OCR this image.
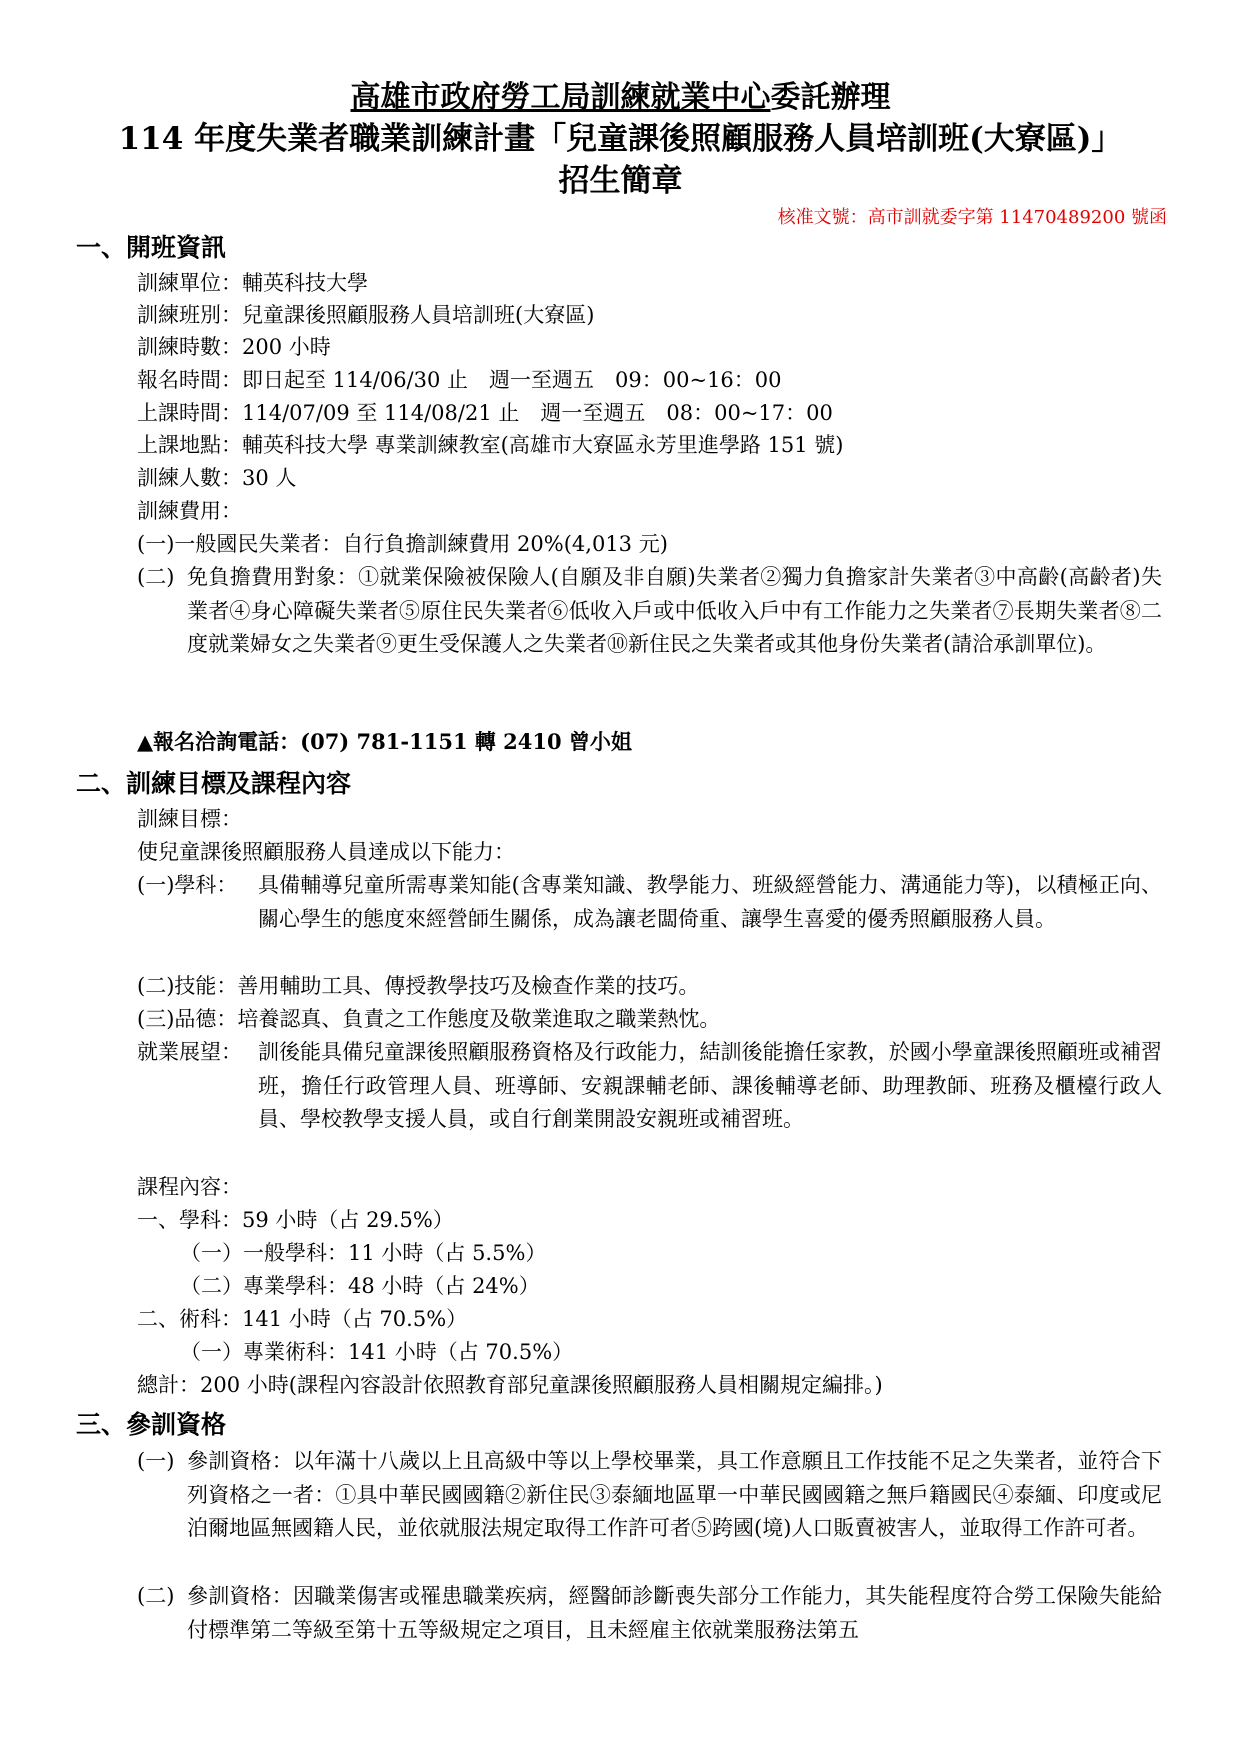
高雄市政府勞工局訓練就業中心委託辦理
114 年度失業者職業訓練計畫「兒童課後照顧服務人員培訓班(大寮區)」
招生簡章
核准文號：高市訓就委字第 11470489200 號函
一、開班資訊
訓練單位：輔英科技大學
訓練班別：兒童課後照顧服務人員培訓班(大寮區)
訓練時數：200 小時
報名時間：即日起至 114/06/30 止　週一至週五　09：00~16：00
上課時間：114/07/09 至 114/08/21 止　週一至週五　08：00~17：00
上課地點：輔英科技大學 專業訓練教室(高雄市大寮區永芳里進學路 151 號)
訓練人數：30 人
訓練費用：
(一)一般國民失業者：自行負擔訓練費用 20%(4,013 元)
(二) 免負擔費用對象：①就業保險被保險人(自願及非自願)失業者②獨力負擔家計失業者③中高齡(高齡者)失業者④身心障礙失業者⑤原住民失業者⑥低收入戶或中低收入戶中有工作能力之失業者⑦長期失業者⑧二度就業婦女之失業者⑨更生受保護人之失業者⑩新住民之失業者或其他身份失業者(請洽承訓單位)。
▲報名洽詢電話：(07) 781-1151 轉 2410 曾小姐
二、訓練目標及課程內容
訓練目標：
使兒童課後照顧服務人員達成以下能力：
(一)學科： 具備輔導兒童所需專業知能(含專業知識、教學能力、班級經營能力、溝通能力等)，以積極正向、關心學生的態度來經營師生關係，成為讓老闆倚重、讓學生喜愛的優秀照顧服務人員。
(二)技能：善用輔助工具、傳授教學技巧及檢查作業的技巧。
(三)品德：培養認真、負責之工作態度及敬業進取之職業熱忱。
就業展望： 訓後能具備兒童課後照顧服務資格及行政能力，結訓後能擔任家教，於國小學童課後照顧班或補習班，擔任行政管理人員、班導師、安親課輔老師、課後輔導老師、助理教師、班務及櫃檯行政人員、學校教學支援人員，或自行創業開設安親班或補習班。
課程內容：
一、學科：59 小時（占 29.5%）
（一）一般學科：11 小時（占 5.5%）
（二）專業學科：48 小時（占 24%）
二、術科：141 小時（占 70.5%）
（一）專業術科：141 小時（占 70.5%）
總計：200 小時(課程內容設計依照教育部兒童課後照顧服務人員相關規定編排。)
三、參訓資格
(一) 參訓資格：以年滿十八歲以上且高級中等以上學校畢業，具工作意願且工作技能不足之失業者，並符合下列資格之一者：①具中華民國國籍②新住民③泰緬地區單一中華民國國籍之無戶籍國民④泰緬、印度或尼泊爾地區無國籍人民，並依就服法規定取得工作許可者⑤跨國(境)人口販賣被害人，並取得工作許可者。
(二) 參訓資格：因職業傷害或罹患職業疾病，經醫師診斷喪失部分工作能力，其失能程度符合勞工保險失能給付標準第二等級至第十五等級規定之項目，且未經雇主依就業服務法第五
